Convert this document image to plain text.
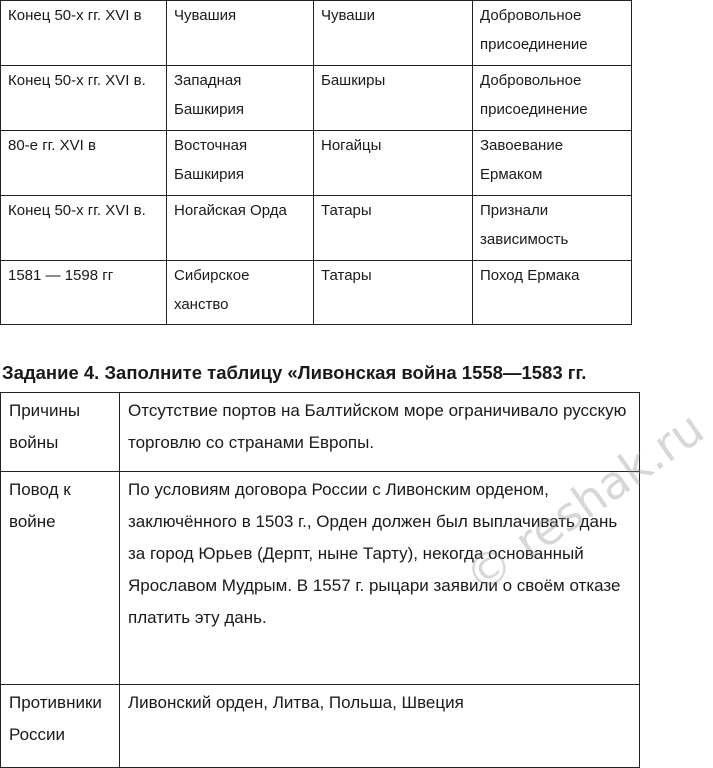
Конец 50-х гг. XVI в	Чувашия	Чуваши	Добровольное присоединение
Конец 50-х гг. XVI в.	Западная Башкирия	Башкиры	Добровольное присоединение
80-е гг. XVI в	Восточная Башкирия	Ногайцы	Завоевание Ермаком
Конец 50-х гг. XVI в.	Ногайская Орда	Татары	Признали зависимость
1581 — 1598 гг	Сибирское ханство	Татары	Поход Ермака
Задание 4. Заполните таблицу «Ливонская война 1558—1583 гг.
Причины войны	Отсутствие портов на Балтийском море ограничивало русскую торговлю со странами Европы.
Повод к войне	По условиям договора России с Ливонским орденом, заключённого в 1503 г., Орден должен был выплачивать дань за город Юрьев (Дерпт, ныне Тарту), некогда основанный Ярославом Мудрым. В 1557 г. рыцари заявили о своём отказе платить эту дань.
Противники России	Ливонский орден, Литва, Польша, Швеция
© reshak.ru
